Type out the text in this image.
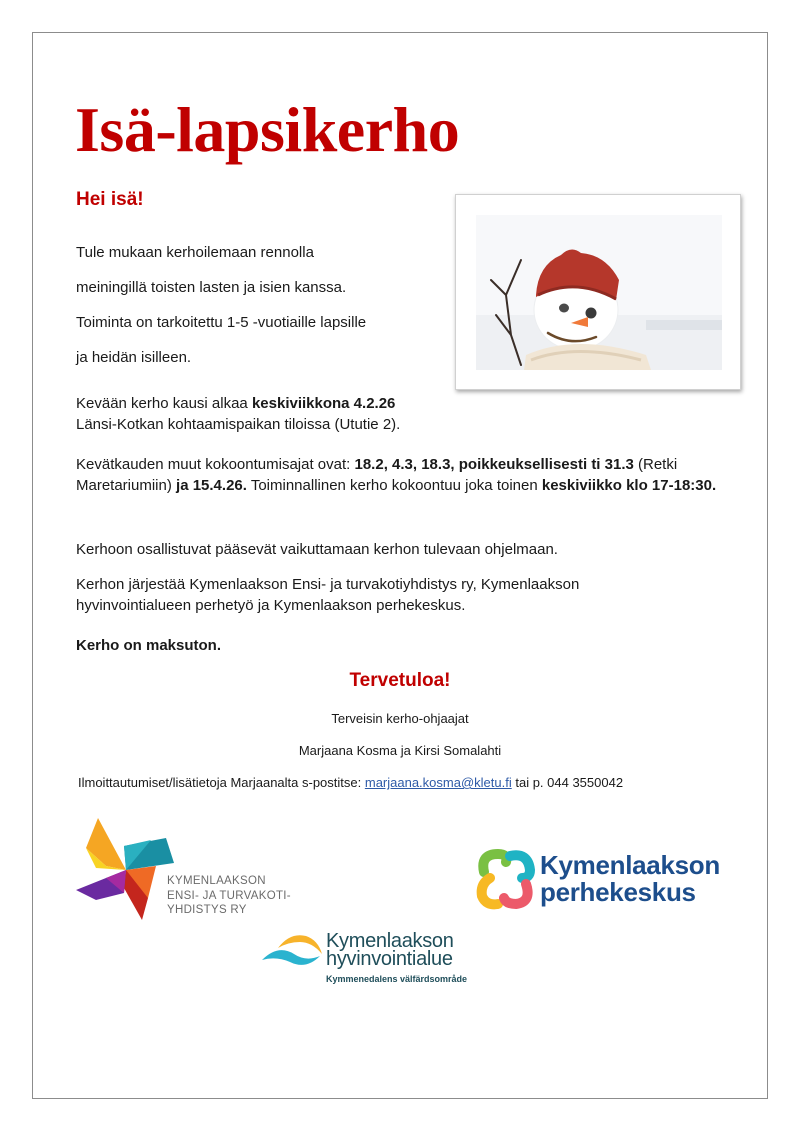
Isä-lapsikerho
Hei isä!
Tule mukaan kerhoilemaan rennolla
meiningillä toisten lasten ja isien kanssa.
Toiminta on tarkoitettu 1-5 -vuotiaille lapsille
ja heidän isilleen.

Kevään kerho kausi alkaa keskiviikkona 4.2.26
Länsi-Kotkan kohtaamispaikan tiloissa (Ututie 2).

Kevätkauden muut kokoontumisajat ovat: 18.2, 4.3, 18.3, poikkeuksellisesti ti 31.3 (Retki Maretariumiin) ja 15.4.26. Toiminnallinen kerho kokoontuu joka toinen keskiviikko klo 17-18:30.

Kerhoon osallistuvat pääsevät vaikuttamaan kerhon tulevaan ohjelmaan.

Kerhon järjestää Kymenlaakson Ensi- ja turvakotiyhdistys ry, Kymenlaakson hyvinvointialueen perhetyö ja Kymenlaakson perhekeskus.

Kerho on maksuton.

Tervetuloa!
Terveisin kerho-ohjaajat
Marjaana Kosma ja Kirsi Somalahti
Ilmoittautumiset/lisätietoja Marjaanalta s-postitse: marjaana.kosma@kletu.fi tai p. 044 3550042
KYMENLAAKSON
ENSI- JA TURVAKOTI-
YHDISTYS RY
Kymenlaakson
perhekeskus
Kymenlaakson
hyvinvointialue
Kymmenedalens välfärdsområde
